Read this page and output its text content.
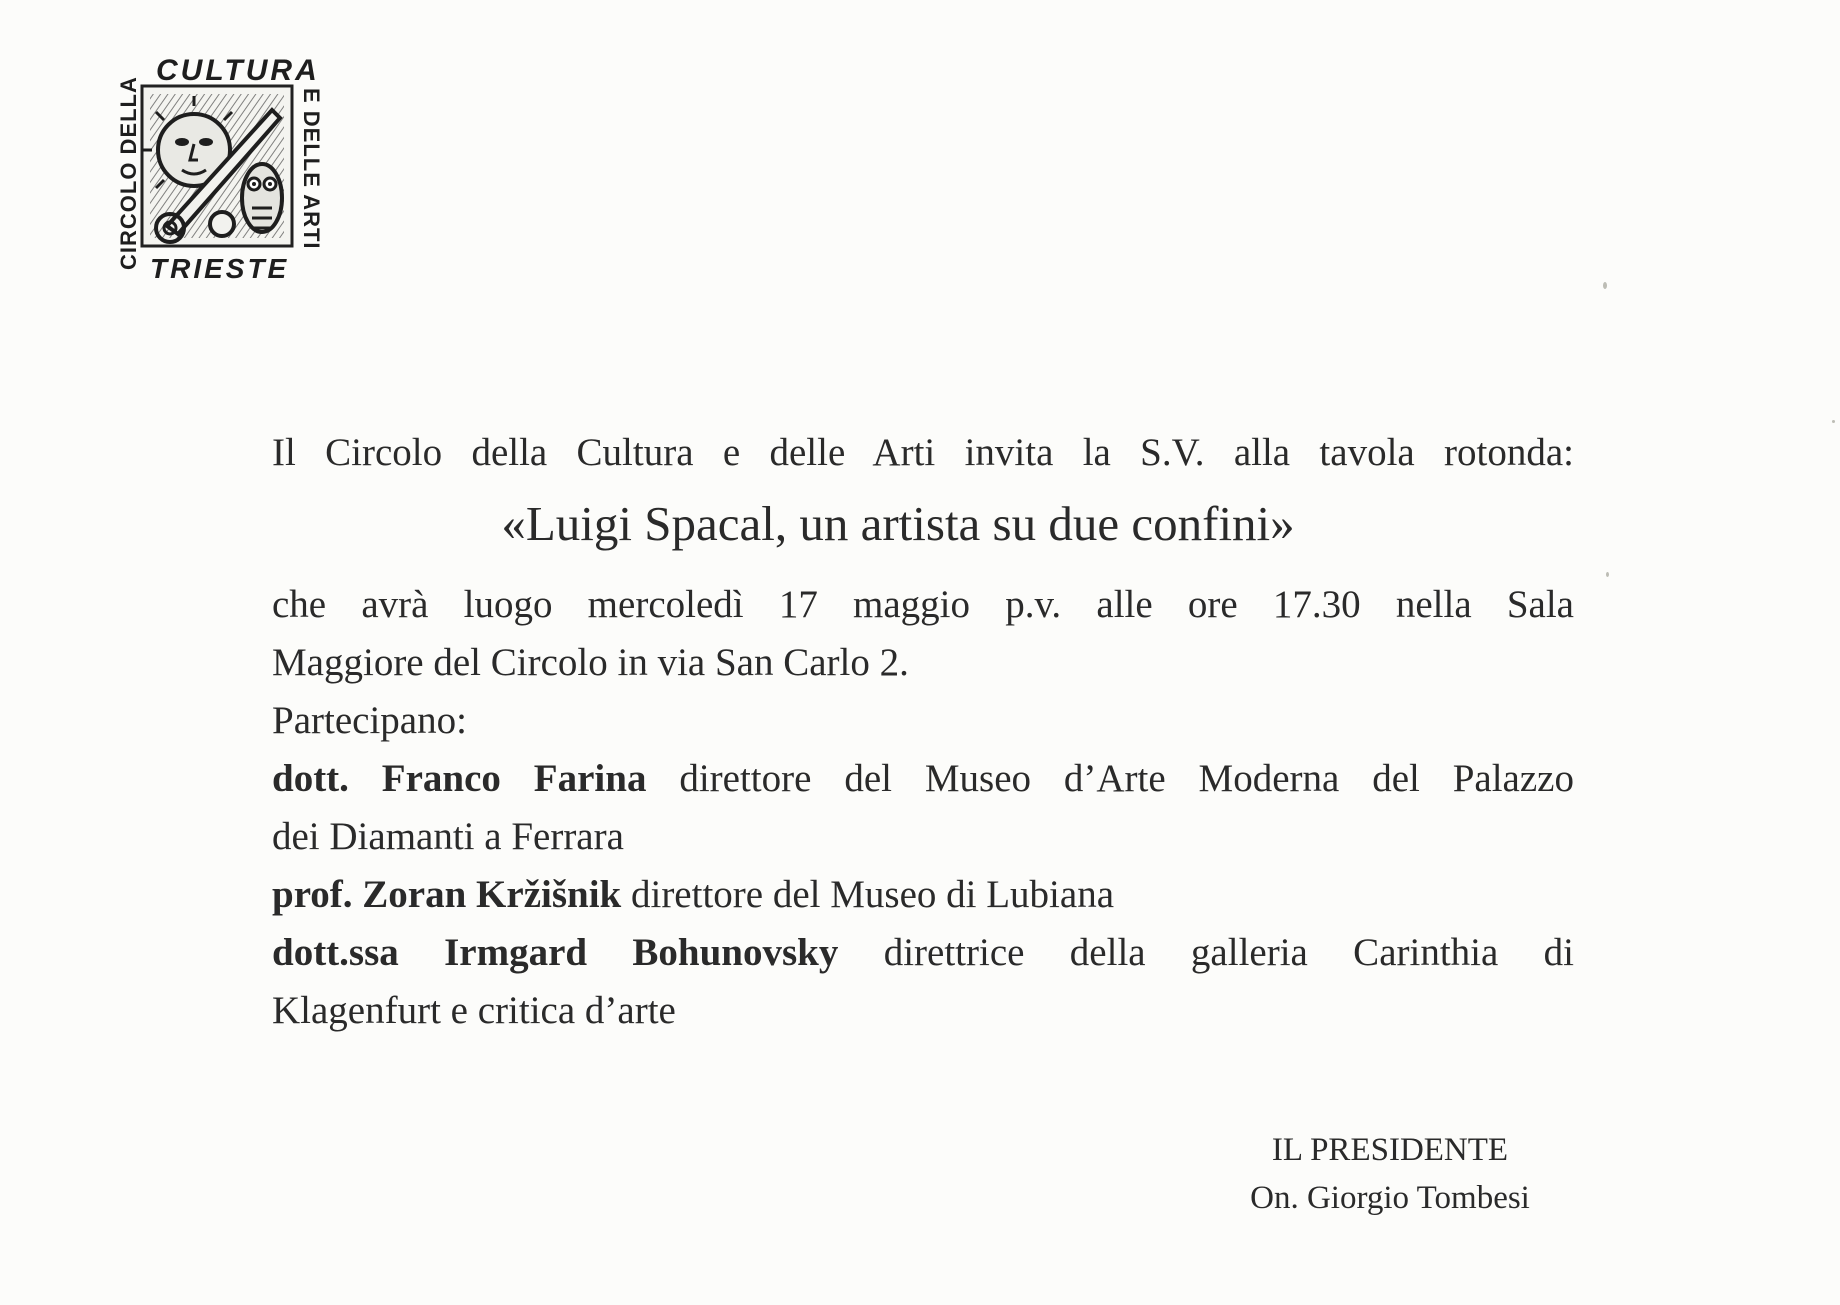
CULTURA
CIRCOLO DELLA	E DELLE ARTI
TRIESTE
Il Circolo della Cultura e delle Arti invita la S.V. alla tavola rotonda:
«Luigi Spacal, un artista su due confini»
che avrà luogo mercoledì 17 maggio p.v. alle ore 17.30 nella Sala
Maggiore del Circolo in via San Carlo 2.
Partecipano:
dott. Franco Farina direttore del Museo d’Arte Moderna del Palazzo
dei Diamanti a Ferrara
prof. Zoran Kržišnik direttore del Museo di Lubiana
dott.ssa Irmgard Bohunovsky direttrice della galleria Carinthia di
Klagenfurt e critica d’arte
IL PRESIDENTE
On. Giorgio Tombesi
